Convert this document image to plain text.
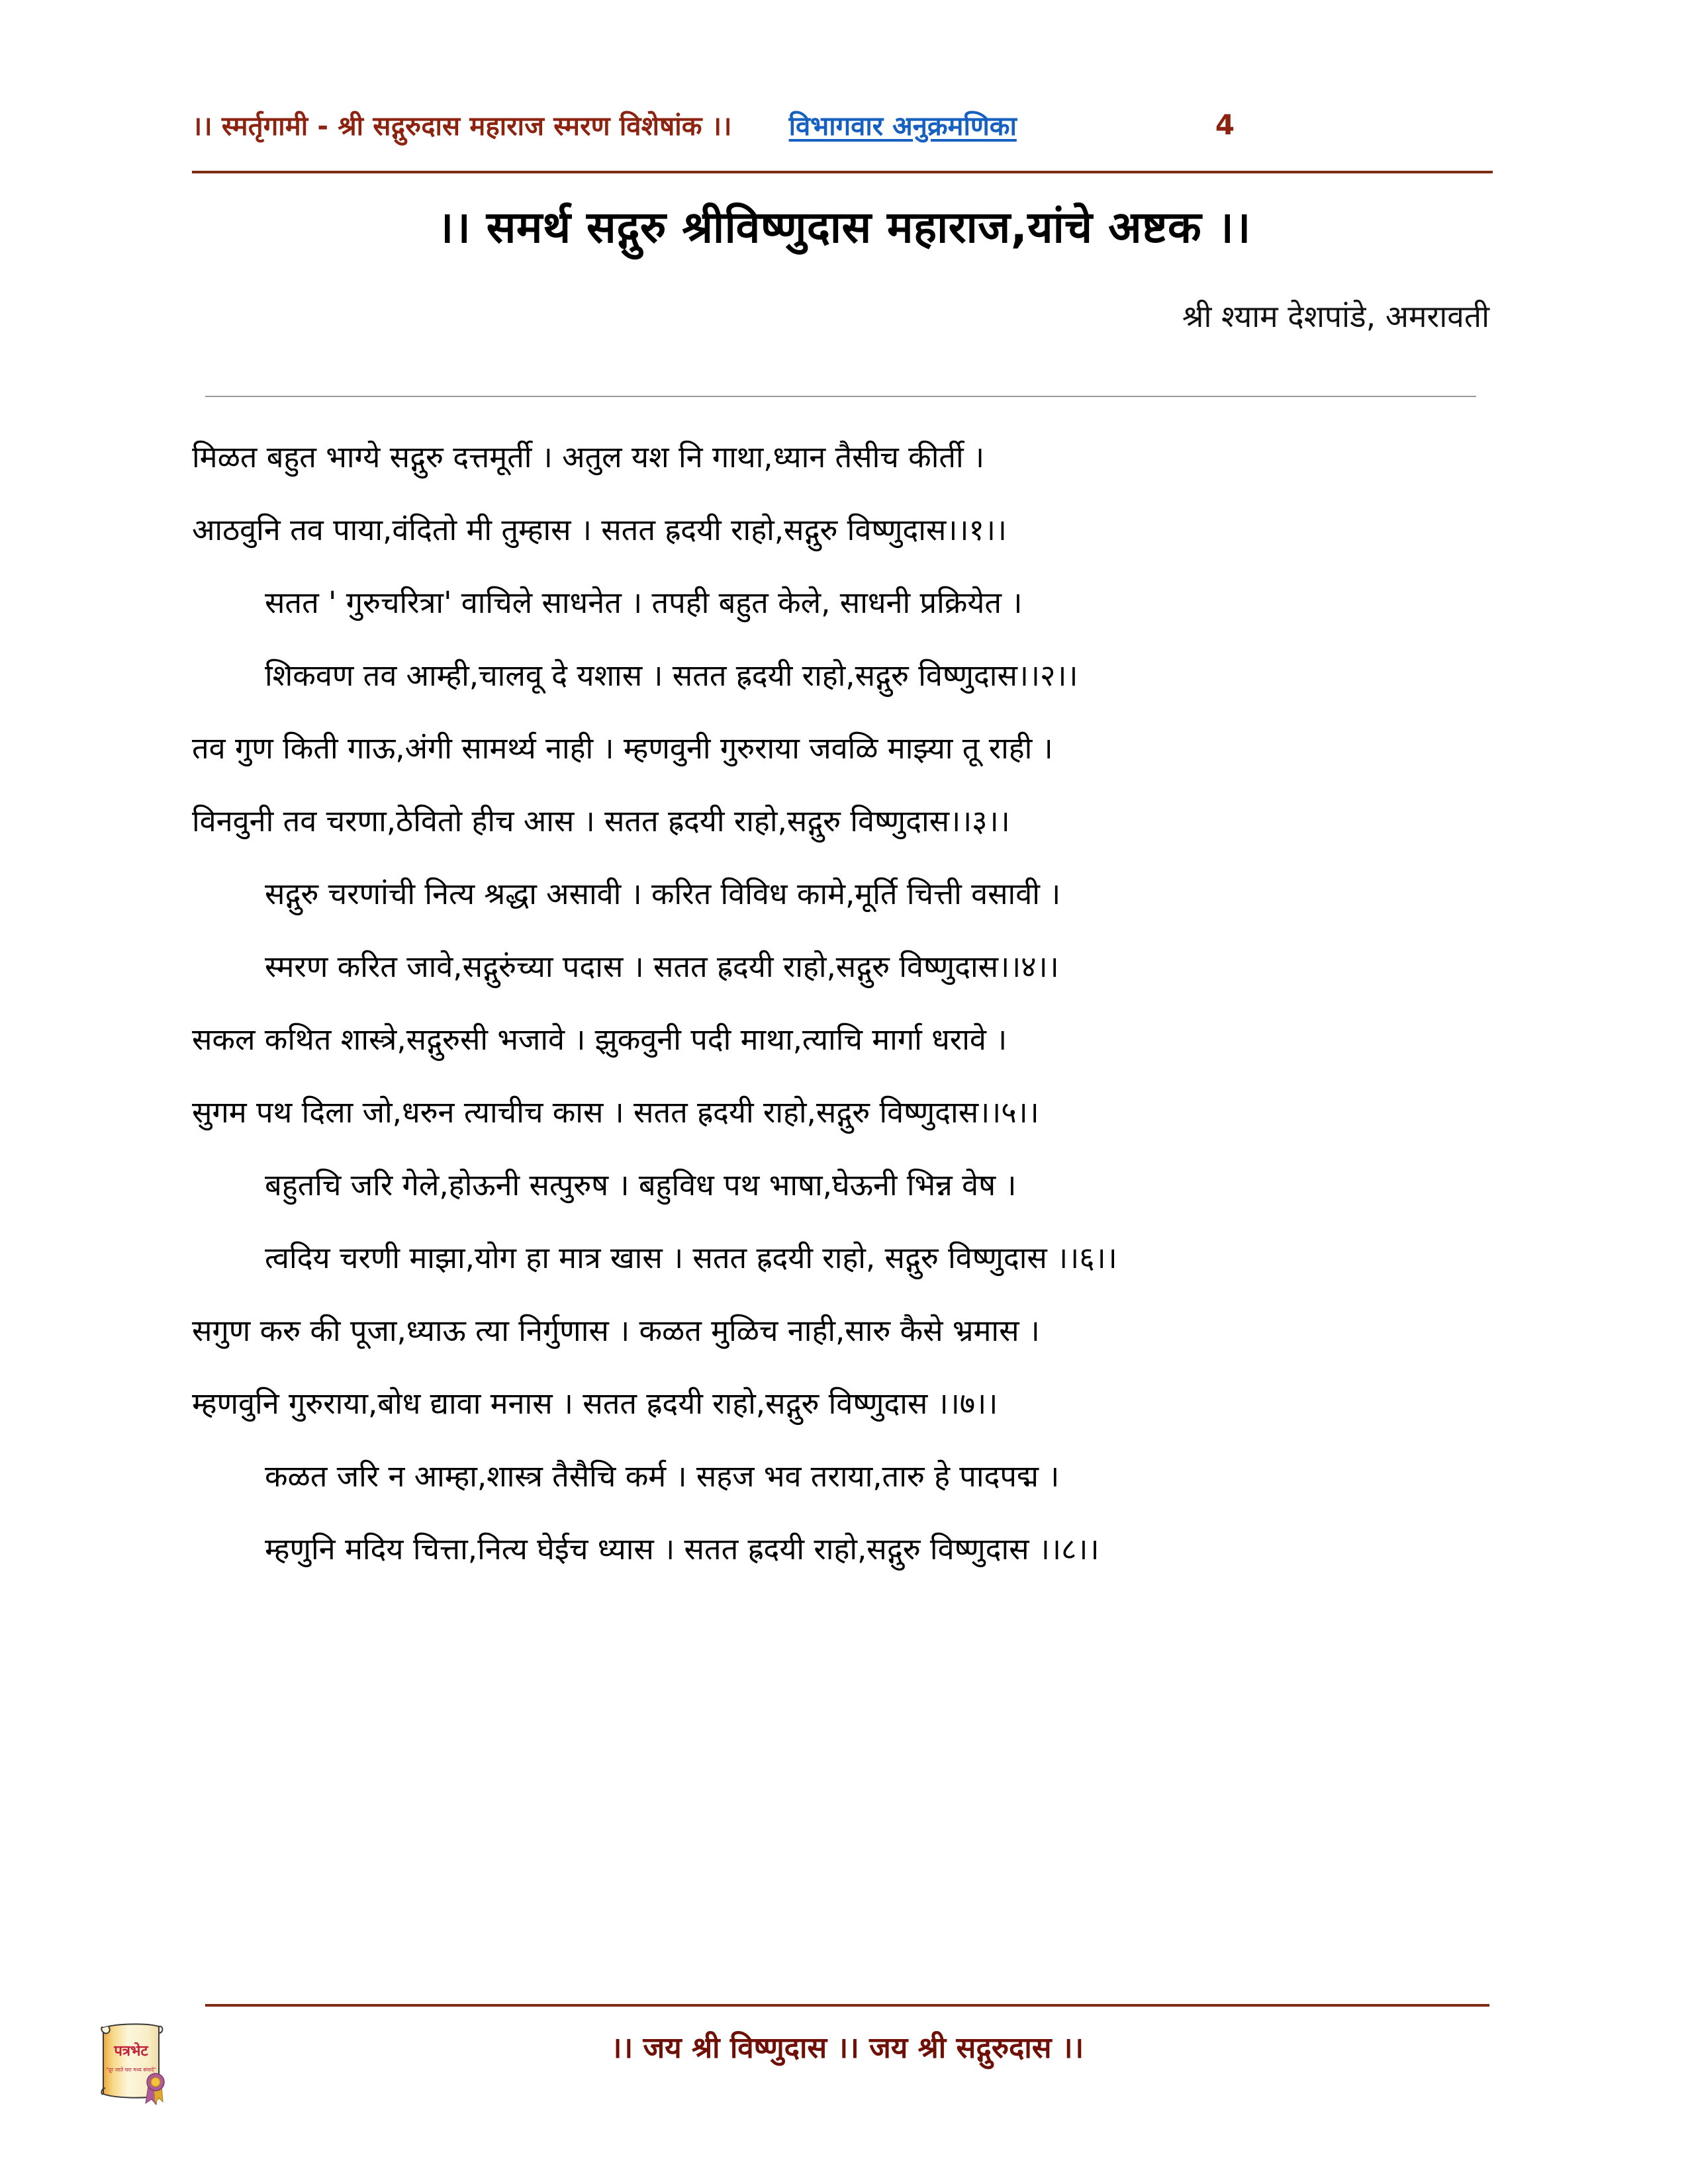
।। स्मर्तृगामी - श्री सद्गुरुदास महाराज स्मरण विशेषांक ।। विभागवार अनुक्रमणिका	4
।। समर्थ सद्गुरु श्रीविष्णुदास महाराज,यांचे अष्टक ।।
श्री श्याम देशपांडे, अमरावती
मिळत बहुत भाग्ये सद्गुरु दत्तमूर्ती । अतुल यश नि गाथा,ध्यान तैसीच कीर्ती ।
आठवुनि तव पाया,वंदितो मी तुम्हास । सतत ह्रदयी राहो,सद्गुरु विष्णुदास।।१।।
सतत ' गुरुचरित्रा' वाचिले साधनेत । तपही बहुत केले, साधनी प्रक्रियेत ।
शिकवण तव आम्ही,चालवू दे यशास । सतत ह्रदयी राहो,सद्गुरु विष्णुदास।।२।।
तव गुण किती गाऊ,अंगी सामर्थ्य नाही । म्हणवुनी गुरुराया जवळि माझ्या तू राही ।
विनवुनी तव चरणा,ठेवितो हीच आस । सतत ह्रदयी राहो,सद्गुरु विष्णुदास।।३।।
सद्गुरु चरणांची नित्य श्रद्धा असावी । करित विविध कामे,मूर्ति चित्ती वसावी ।
स्मरण करित जावे,सद्गुरुंच्या पदास । सतत ह्रदयी राहो,सद्गुरु विष्णुदास।।४।।
सकल कथित शास्त्रे,सद्गुरुसी भजावे । झुकवुनी पदी माथा,त्याचि मार्गा धरावे ।
सुगम पथ दिला जो,धरुन त्याचीच कास । सतत ह्रदयी राहो,सद्गुरु विष्णुदास।।५।।
बहुतचि जरि गेले,होऊनी सत्पुरुष । बहुविध पथ भाषा,घेऊनी भिन्न वेष ।
त्वदिय चरणी माझा,योग हा मात्र खास । सतत ह्रदयी राहो, सद्गुरु विष्णुदास ।।६।।
सगुण करु की पूजा,ध्याऊ त्या निर्गुणास । कळत मुळिच नाही,सारु कैसे भ्रमास ।
म्हणवुनि गुरुराया,बोध द्यावा मनास । सतत ह्रदयी राहो,सद्गुरु विष्णुदास ।।७।।
कळत जरि न आम्हा,शास्त्र तैसैचि कर्म । सहज भव तराया,तारु हे पादपद्म ।
म्हणुनि मदिय चित्ता,नित्य घेईच ध्यास । सतत ह्रदयी राहो,सद्गुरु विष्णुदास ।।८।।
।। जय श्री विष्णुदास ।। जय श्री सद्गुरुदास ।।
पत्रभेट
"दूर जाते घरा मध्य संवादे"
